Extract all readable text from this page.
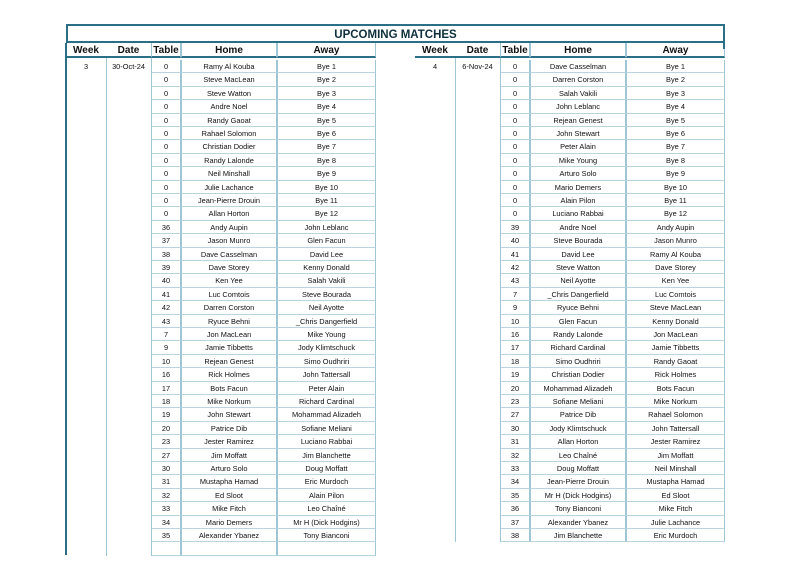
UPCOMING MATCHES
Week	Date	Table	Home	Away
3	30-Oct-24	0	Ramy Al Kouba	Bye 1
0	Steve MacLean	Bye 2
0	Steve Watton	Bye 3
0	Andre Noel	Bye 4
0	Randy Gaoat	Bye 5
0	Rahael Solomon	Bye 6
0	Christian Dodier	Bye 7
0	Randy Lalonde	Bye 8
0	Neil Minshall	Bye 9
0	Julie Lachance	Bye 10
0	Jean-Pierre Drouin	Bye 11
0	Allan Horton	Bye 12
36	Andy Aupin	John Leblanc
37	Jason Munro	Glen Facun
38	Dave Casselman	David Lee
39	Dave Storey	Kenny Donald
40	Ken Yee	Salah Vakili
41	Luc Comtois	Steve Bourada
42	Darren Corston	Neil Ayotte
43	Ryuce Behni	_Chris Dangerfield
7	Jon MacLean	Mike Young
9	Jamie Tibbetts	Jody Klimtschuck
10	Rejean Genest	Simo Oudhriri
16	Rick Holmes	John Tattersall
17	Bots Facun	Peter Alain
18	Mike Norkum	Richard Cardinal
19	John Stewart	Mohammad Alizadeh
20	Patrice Dib	Sofiane Meliani
23	Jester Ramirez	Luciano Rabbai
27	Jim Moffatt	Jim Blanchette
30	Arturo Solo	Doug Moffatt
31	Mustapha Hamad	Eric Murdoch
32	Ed Sloot	Alain Pilon
33	Mike Fitch	Leo Chaîné
34	Mario Demers	Mr H (Dick Hodgins)
35	Alexander Ybanez	Tony Bianconi
Week	Date	Table	Home	Away
4	6-Nov-24	0	Dave Casselman	Bye 1
0	Darren Corston	Bye 2
0	Salah Vakili	Bye 3
0	John Leblanc	Bye 4
0	Rejean Genest	Bye 5
0	John Stewart	Bye 6
0	Peter Alain	Bye 7
0	Mike Young	Bye 8
0	Arturo Solo	Bye 9
0	Mario Demers	Bye 10
0	Alain Pilon	Bye 11
0	Luciano Rabbai	Bye 12
39	Andre Noel	Andy Aupin
40	Steve Bourada	Jason Munro
41	David Lee	Ramy Al Kouba
42	Steve Watton	Dave Storey
43	Neil Ayotte	Ken Yee
7	_Chris Dangerfield	Luc Comtois
9	Ryuce Behni	Steve MacLean
10	Glen Facun	Kenny Donald
16	Randy Lalonde	Jon MacLean
17	Richard Cardinal	Jamie Tibbetts
18	Simo Oudhriri	Randy Gaoat
19	Christian Dodier	Rick Holmes
20	Mohammad Alizadeh	Bots Facun
23	Sofiane Meliani	Mike Norkum
27	Patrice Dib	Rahael Solomon
30	Jody Klimtschuck	John Tattersall
31	Allan Horton	Jester Ramirez
32	Leo Chaîné	Jim Moffatt
33	Doug Moffatt	Neil Minshall
34	Jean-Pierre Drouin	Mustapha Hamad
35	Mr H (Dick Hodgins)	Ed Sloot
36	Tony Bianconi	Mike Fitch
37	Alexander Ybanez	Julie Lachance
38	Jim Blanchette	Eric Murdoch
